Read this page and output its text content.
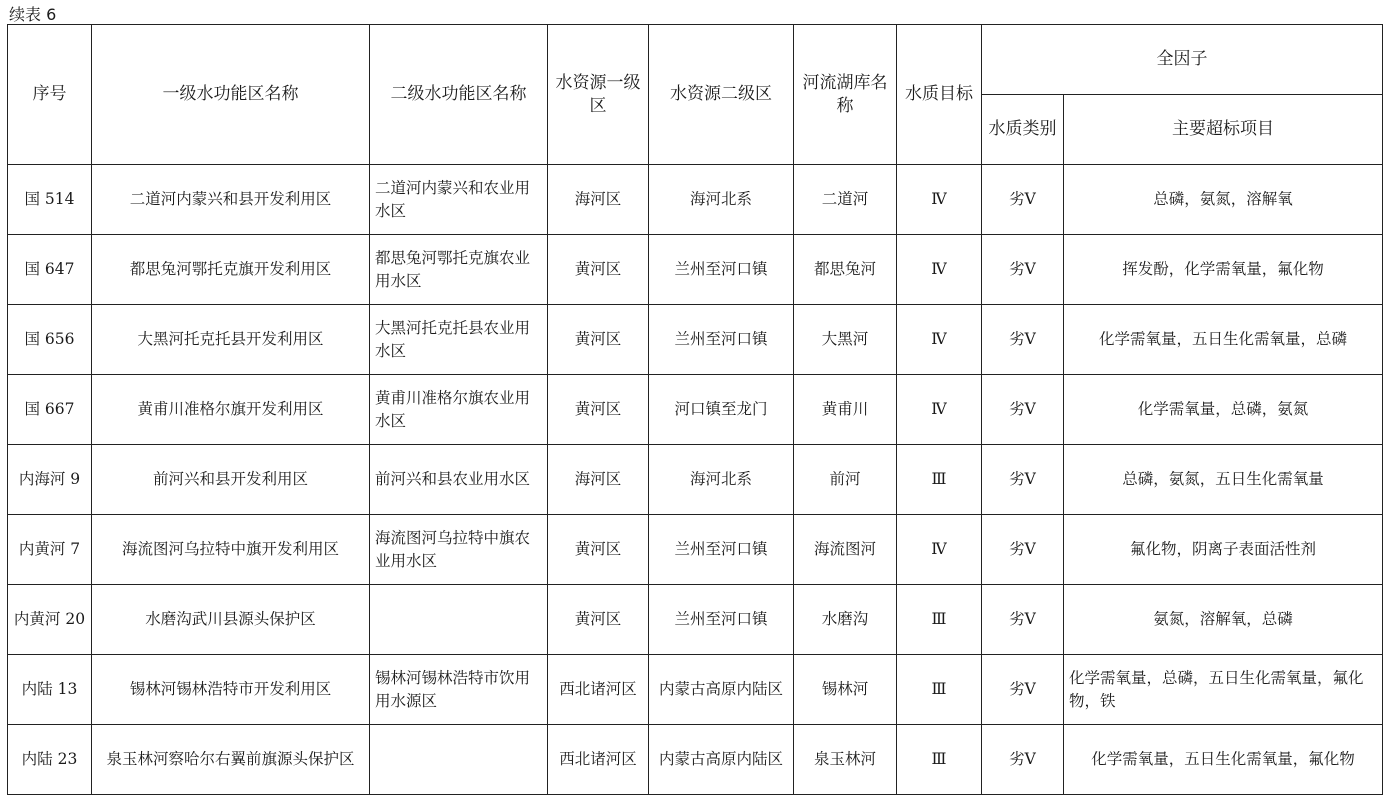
续表 6
序号	一级水功能区名称	二级水功能区名称	水资源一级区	水资源二级区	河流湖库名称	水质目标	全因子	
							水质类别	主要超标项目
国 514	二道河内蒙兴和县开发利用区	二道河内蒙兴和农业用水区	海河区	海河北系	二道河	Ⅳ	劣Ⅴ	总磷，氨氮，溶解氧
国 647	都思兔河鄂托克旗开发利用区	都思兔河鄂托克旗农业用水区	黄河区	兰州至河口镇	都思兔河	Ⅳ	劣Ⅴ	挥发酚，化学需氧量，氟化物
国 656	大黑河托克托县开发利用区	大黑河托克托县农业用水区	黄河区	兰州至河口镇	大黑河	Ⅳ	劣Ⅴ	化学需氧量，五日生化需氧量，总磷
国 667	黄甫川准格尔旗开发利用区	黄甫川准格尔旗农业用水区	黄河区	河口镇至龙门	黄甫川	Ⅳ	劣Ⅴ	化学需氧量，总磷，氨氮
内海河 9	前河兴和县开发利用区	前河兴和县农业用水区	海河区	海河北系	前河	Ⅲ	劣Ⅴ	总磷，氨氮，五日生化需氧量
内黄河 7	海流图河乌拉特中旗开发利用区	海流图河乌拉特中旗农业用水区	黄河区	兰州至河口镇	海流图河	Ⅳ	劣Ⅴ	氟化物，阴离子表面活性剂
内黄河 20	水磨沟武川县源头保护区		黄河区	兰州至河口镇	水磨沟	Ⅲ	劣Ⅴ	氨氮，溶解氧，总磷
内陆 13	锡林河锡林浩特市开发利用区	锡林河锡林浩特市饮用用水源区	西北诸河区	内蒙古高原内陆区	锡林河	Ⅲ	劣Ⅴ	化学需氧量，总磷，五日生化需氧量，氟化物，铁
内陆 23	泉玉林河察哈尔右翼前旗源头保护区		西北诸河区	内蒙古高原内陆区	泉玉林河	Ⅲ	劣Ⅴ	化学需氧量，五日生化需氧量，氟化物
